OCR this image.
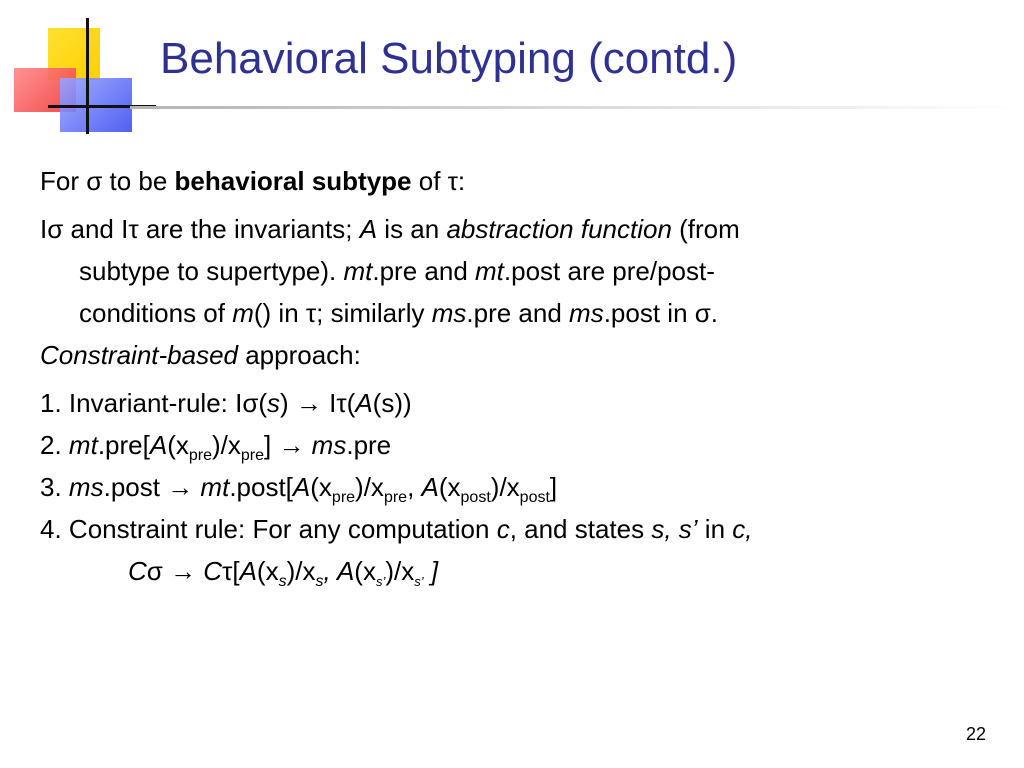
Behavioral Subtyping (contd.)

For σ to be behavioral subtype of τ:

Iσ and Iτ are the invariants; A is an abstraction function (from

subtype to supertype). mt.pre and mt.post are pre/post-

conditions of m() in τ; similarly ms.pre and ms.post in σ.

Constraint-based approach:

1. Invariant-rule: Iσ(s) → Iτ(A(s))

2. $mt.pre[A(x_{pre})/x_{pre}] \to ms.pre$

3. ms.post → $mt.post[A(x_{pre})/x_{pre}$, $A(x_{post})/x_{post}$]

4. Constraint rule: For any computation c, and states s, s’ in c,

$C\sigma \to C\tau[A(x_s)/x_s$, $A(x_{s’})/x_{s’}$ ]

22
